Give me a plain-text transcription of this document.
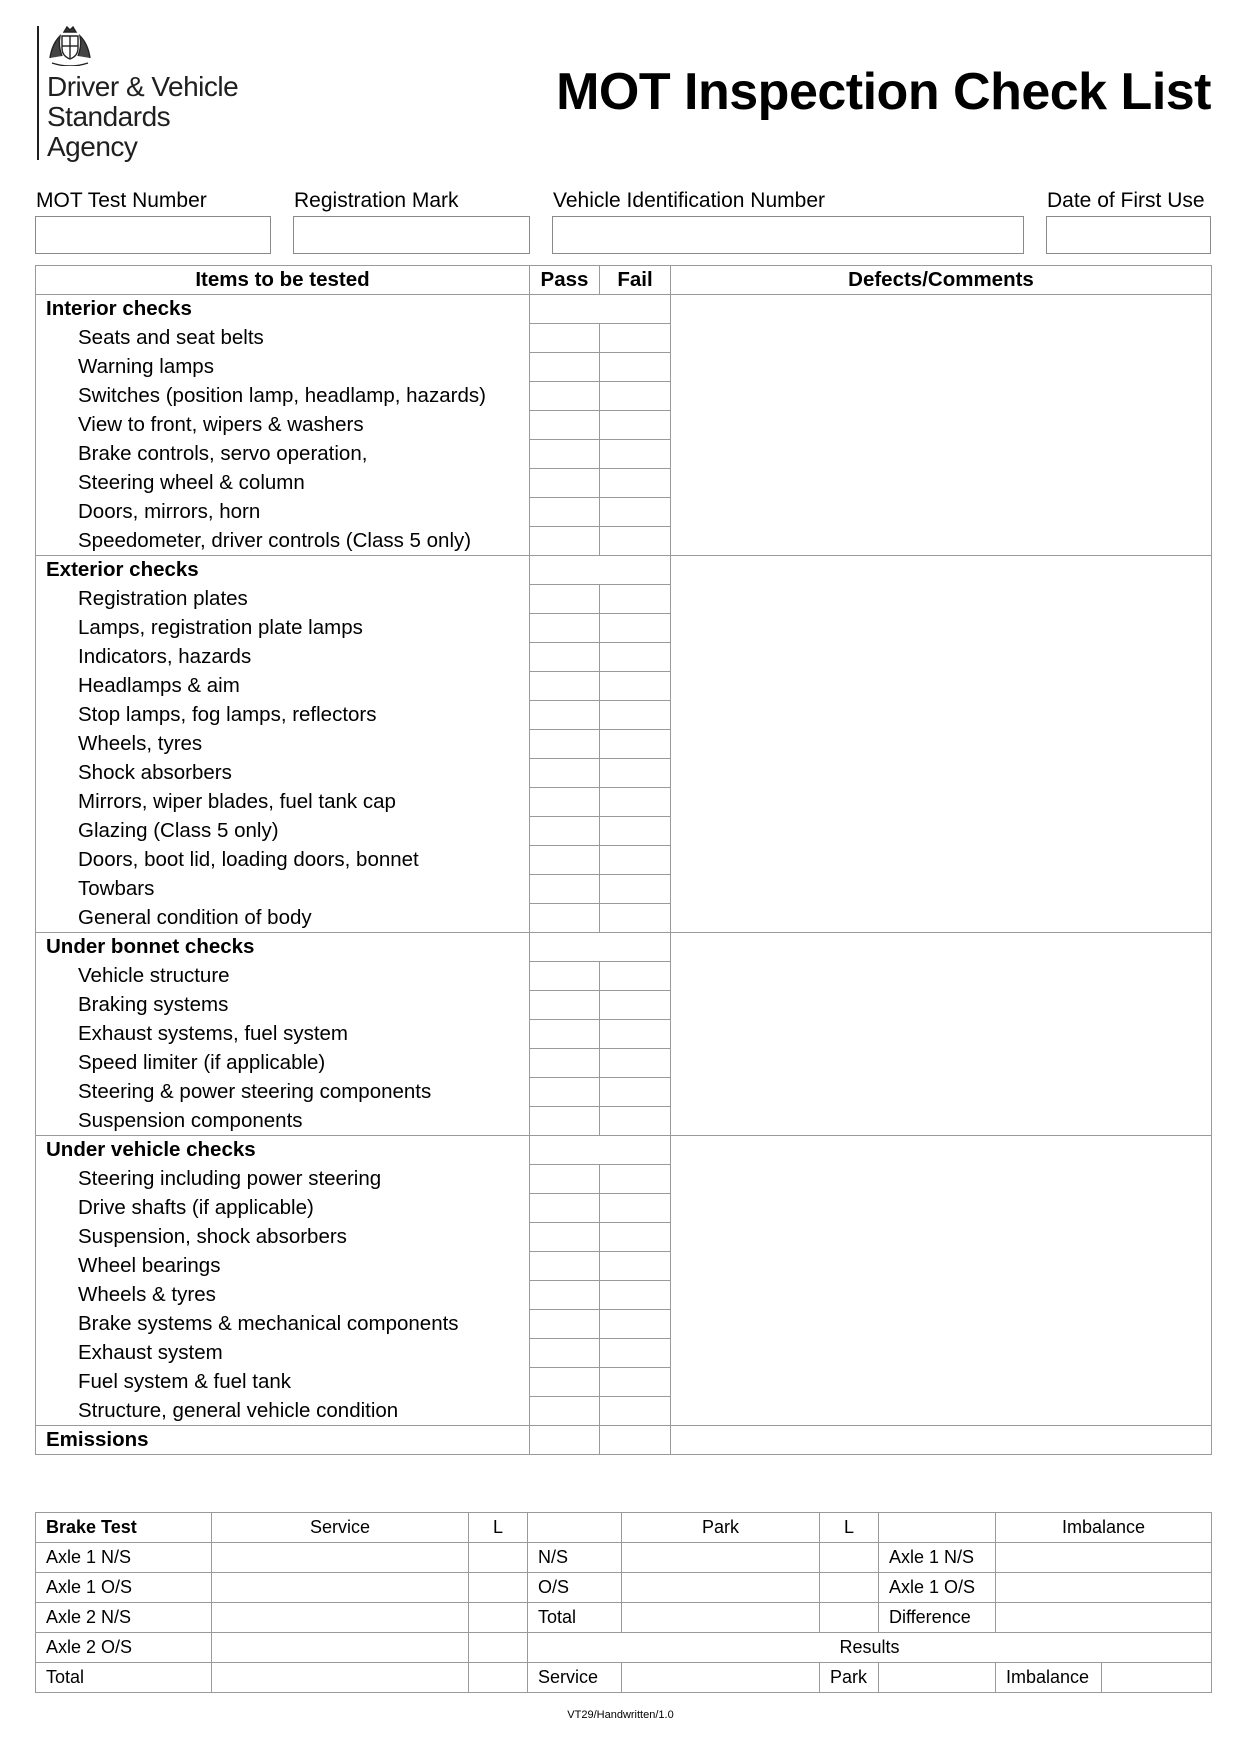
Driver & Vehicle
Standards
Agency
MOT Inspection Check List
MOT Test Number	Registration Mark	Vehicle Identification Number	Date of First Use
Items to be tested	Pass	Fail	Defects/Comments
Interior checks			
Seats and seat belts			
Warning lamps			
Switches (position lamp, headlamp, hazards)			
View to front, wipers & washers			
Brake controls, servo operation,			
Steering wheel & column			
Doors, mirrors, horn			
Speedometer, driver controls (Class 5 only)			
Exterior checks			
Registration plates			
Lamps, registration plate lamps			
Indicators, hazards			
Headlamps & aim			
Stop lamps, fog lamps, reflectors			
Wheels, tyres			
Shock absorbers			
Mirrors, wiper blades, fuel tank cap			
Glazing (Class 5 only)			
Doors, boot lid, loading doors, bonnet			
Towbars			
General condition of body			
Under bonnet checks			
Vehicle structure			
Braking systems			
Exhaust systems, fuel system			
Speed limiter (if applicable)			
Steering & power steering components			
Suspension components			
Under vehicle checks			
Steering including power steering			
Drive shafts (if applicable)			
Suspension, shock absorbers			
Wheel bearings			
Wheels & tyres			
Brake systems & mechanical components			
Exhaust system			
Fuel system & fuel tank			
Structure, general vehicle condition			
Emissions			
Brake Test	Service	L		Park	L		Imbalance	
Axle 1 N/S			N/S			Axle 1 N/S		
Axle 1 O/S			O/S			Axle 1 O/S		
Axle 2 N/S			Total			Difference		
Axle 2 O/S			Results					
Total			Service		Park		Imbalance	
VT29/Handwritten/1.0
